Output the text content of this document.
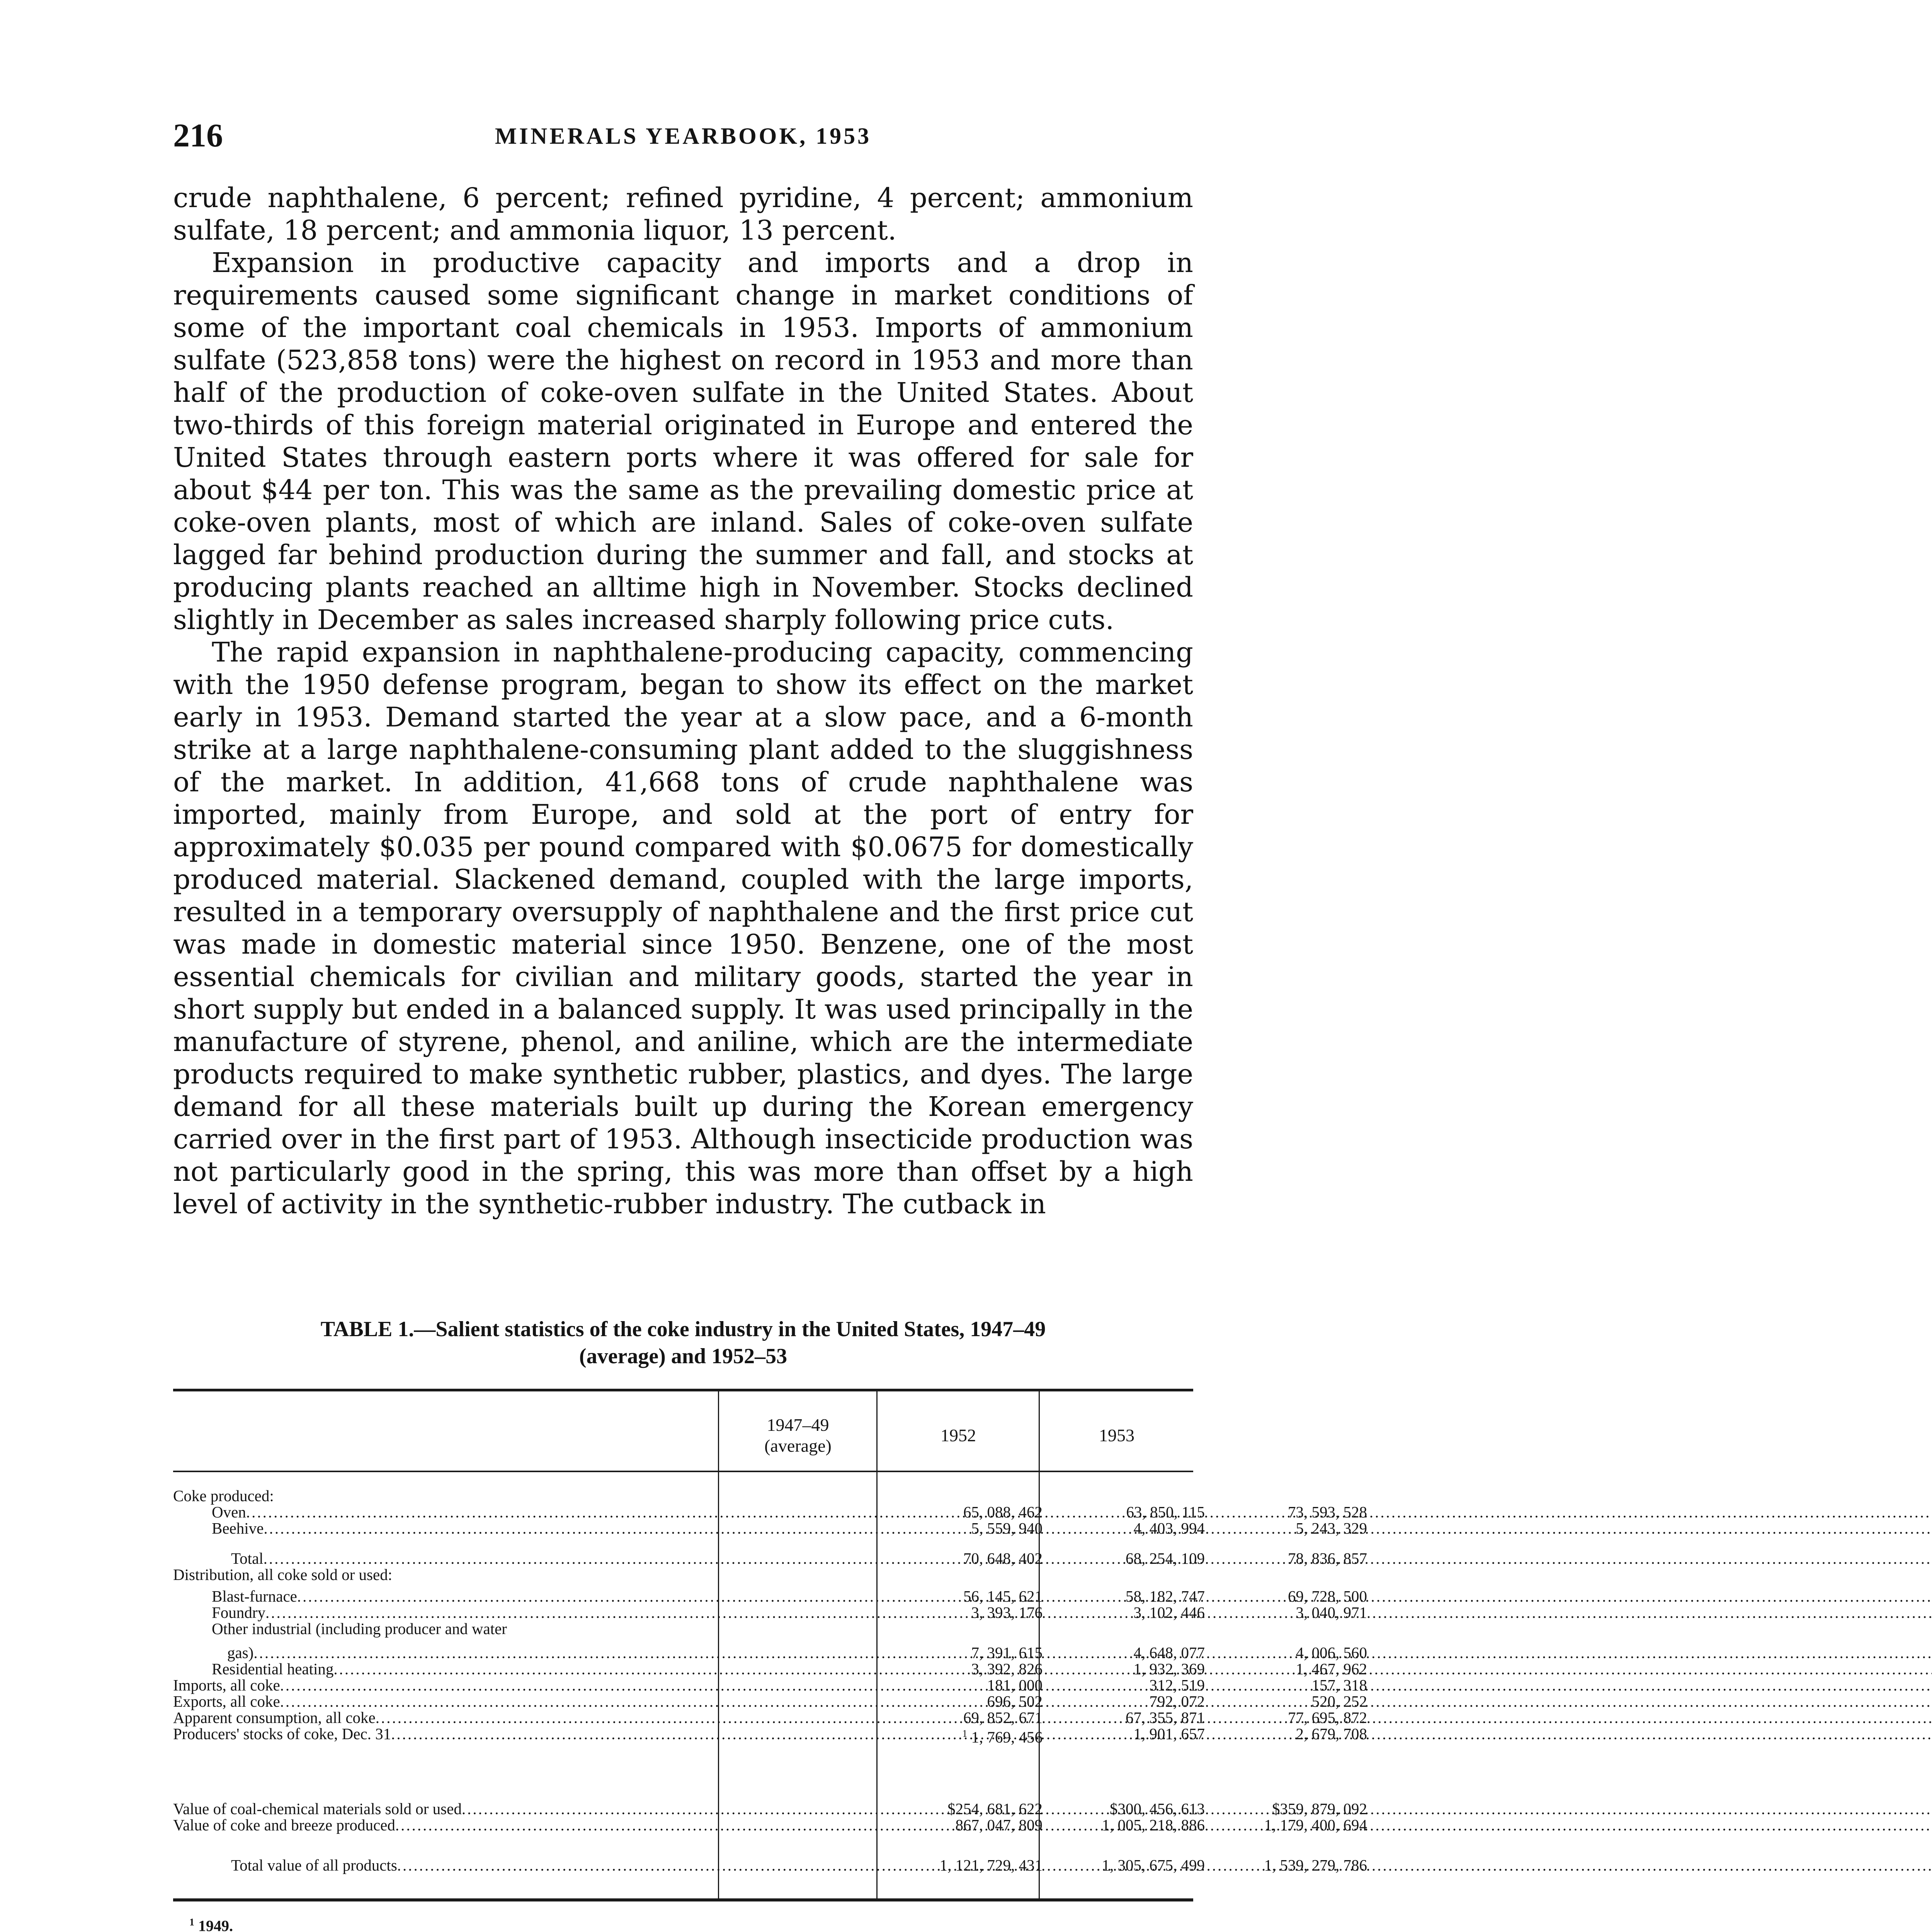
216	MINERALS YEARBOOK, 1953

crude naphthalene, 6 percent; refined pyridine, 4 percent; ammonium sulfate, 18 percent; and ammonia liquor, 13 percent.

Expansion in productive capacity and imports and a drop in requirements caused some significant change in market conditions of some of the important coal chemicals in 1953. Imports of ammonium sulfate (523,858 tons) were the highest on record in 1953 and more than half of the production of coke-oven sulfate in the United States. About two-thirds of this foreign material originated in Europe and entered the United States through eastern ports where it was offered for sale for about $44 per ton. This was the same as the prevailing domestic price at coke-oven plants, most of which are inland. Sales of coke-oven sulfate lagged far behind production during the summer and fall, and stocks at producing plants reached an alltime high in November. Stocks declined slightly in December as sales increased sharply following price cuts.

The rapid expansion in naphthalene-producing capacity, commencing with the 1950 defense program, began to show its effect on the market early in 1953. Demand started the year at a slow pace, and a 6-month strike at a large naphthalene-consuming plant added to the sluggishness of the market. In addition, 41,668 tons of crude naphthalene was imported, mainly from Europe, and sold at the port of entry for approximately $0.035 per pound compared with $0.0675 for domestically produced material. Slackened demand, coupled with the large imports, resulted in a temporary oversupply of naphthalene and the first price cut was made in domestic material since 1950. Benzene, one of the most essential chemicals for civilian and military goods, started the year in short supply but ended in a balanced supply. It was used principally in the manufacture of styrene, phenol, and aniline, which are the intermediate products required to make synthetic rubber, plastics, and dyes. The large demand for all these materials built up during the Korean emergency carried over in the first part of 1953. Although insecticide production was not particularly good in the spring, this was more than offset by a high level of activity in the synthetic-rubber industry. The cutback in

TABLE 1.—Salient statistics of the coke industry in the United States, 1947–49
(average) and 1952–53
1947–49
(average)
1952	1953
Coke produced:
Oven .....	65, 088, 462	63, 850, 115	73, 593, 528
Beehive .....	5, 559, 940	4, 403, 994	5, 243, 329
Total .....	70, 648, 402	68, 254, 109	78, 836, 857
Distribution, all coke sold or used:
Blast-furnace .....	56, 145, 621	58, 182, 747	69, 728, 500
Foundry .....	3, 393, 176	3, 102, 446	3, 040, 971
Other industrial (including producer and water
gas) .....	7, 391, 615	4, 648, 077	4, 006, 560
Residential heating .....	3, 392, 826	1, 932, 369	1, 467, 962
Imports, all coke .....	181, 000	312, 519	157, 318
Exports, all coke .....	696, 502	792, 072	520, 252
Apparent consumption, all coke .....	69, 852, 671	67, 355, 871	77, 695, 872
Producers' stocks of coke, Dec. 31 .....	$^1$ 1, 769, 456	1, 901, 657	2, 679, 708
Value of coal-chemical materials sold or used .....	$254, 681, 622	$300, 456, 613	$359, 879, 092
Value of coke and breeze produced .....	867, 047, 809	1, 005, 218, 886	1, 179, 400, 694
Total value of all products .....	1, 121, 729, 431	1, 305, 675, 499	1, 539, 279, 786
$^1$ 1949.
